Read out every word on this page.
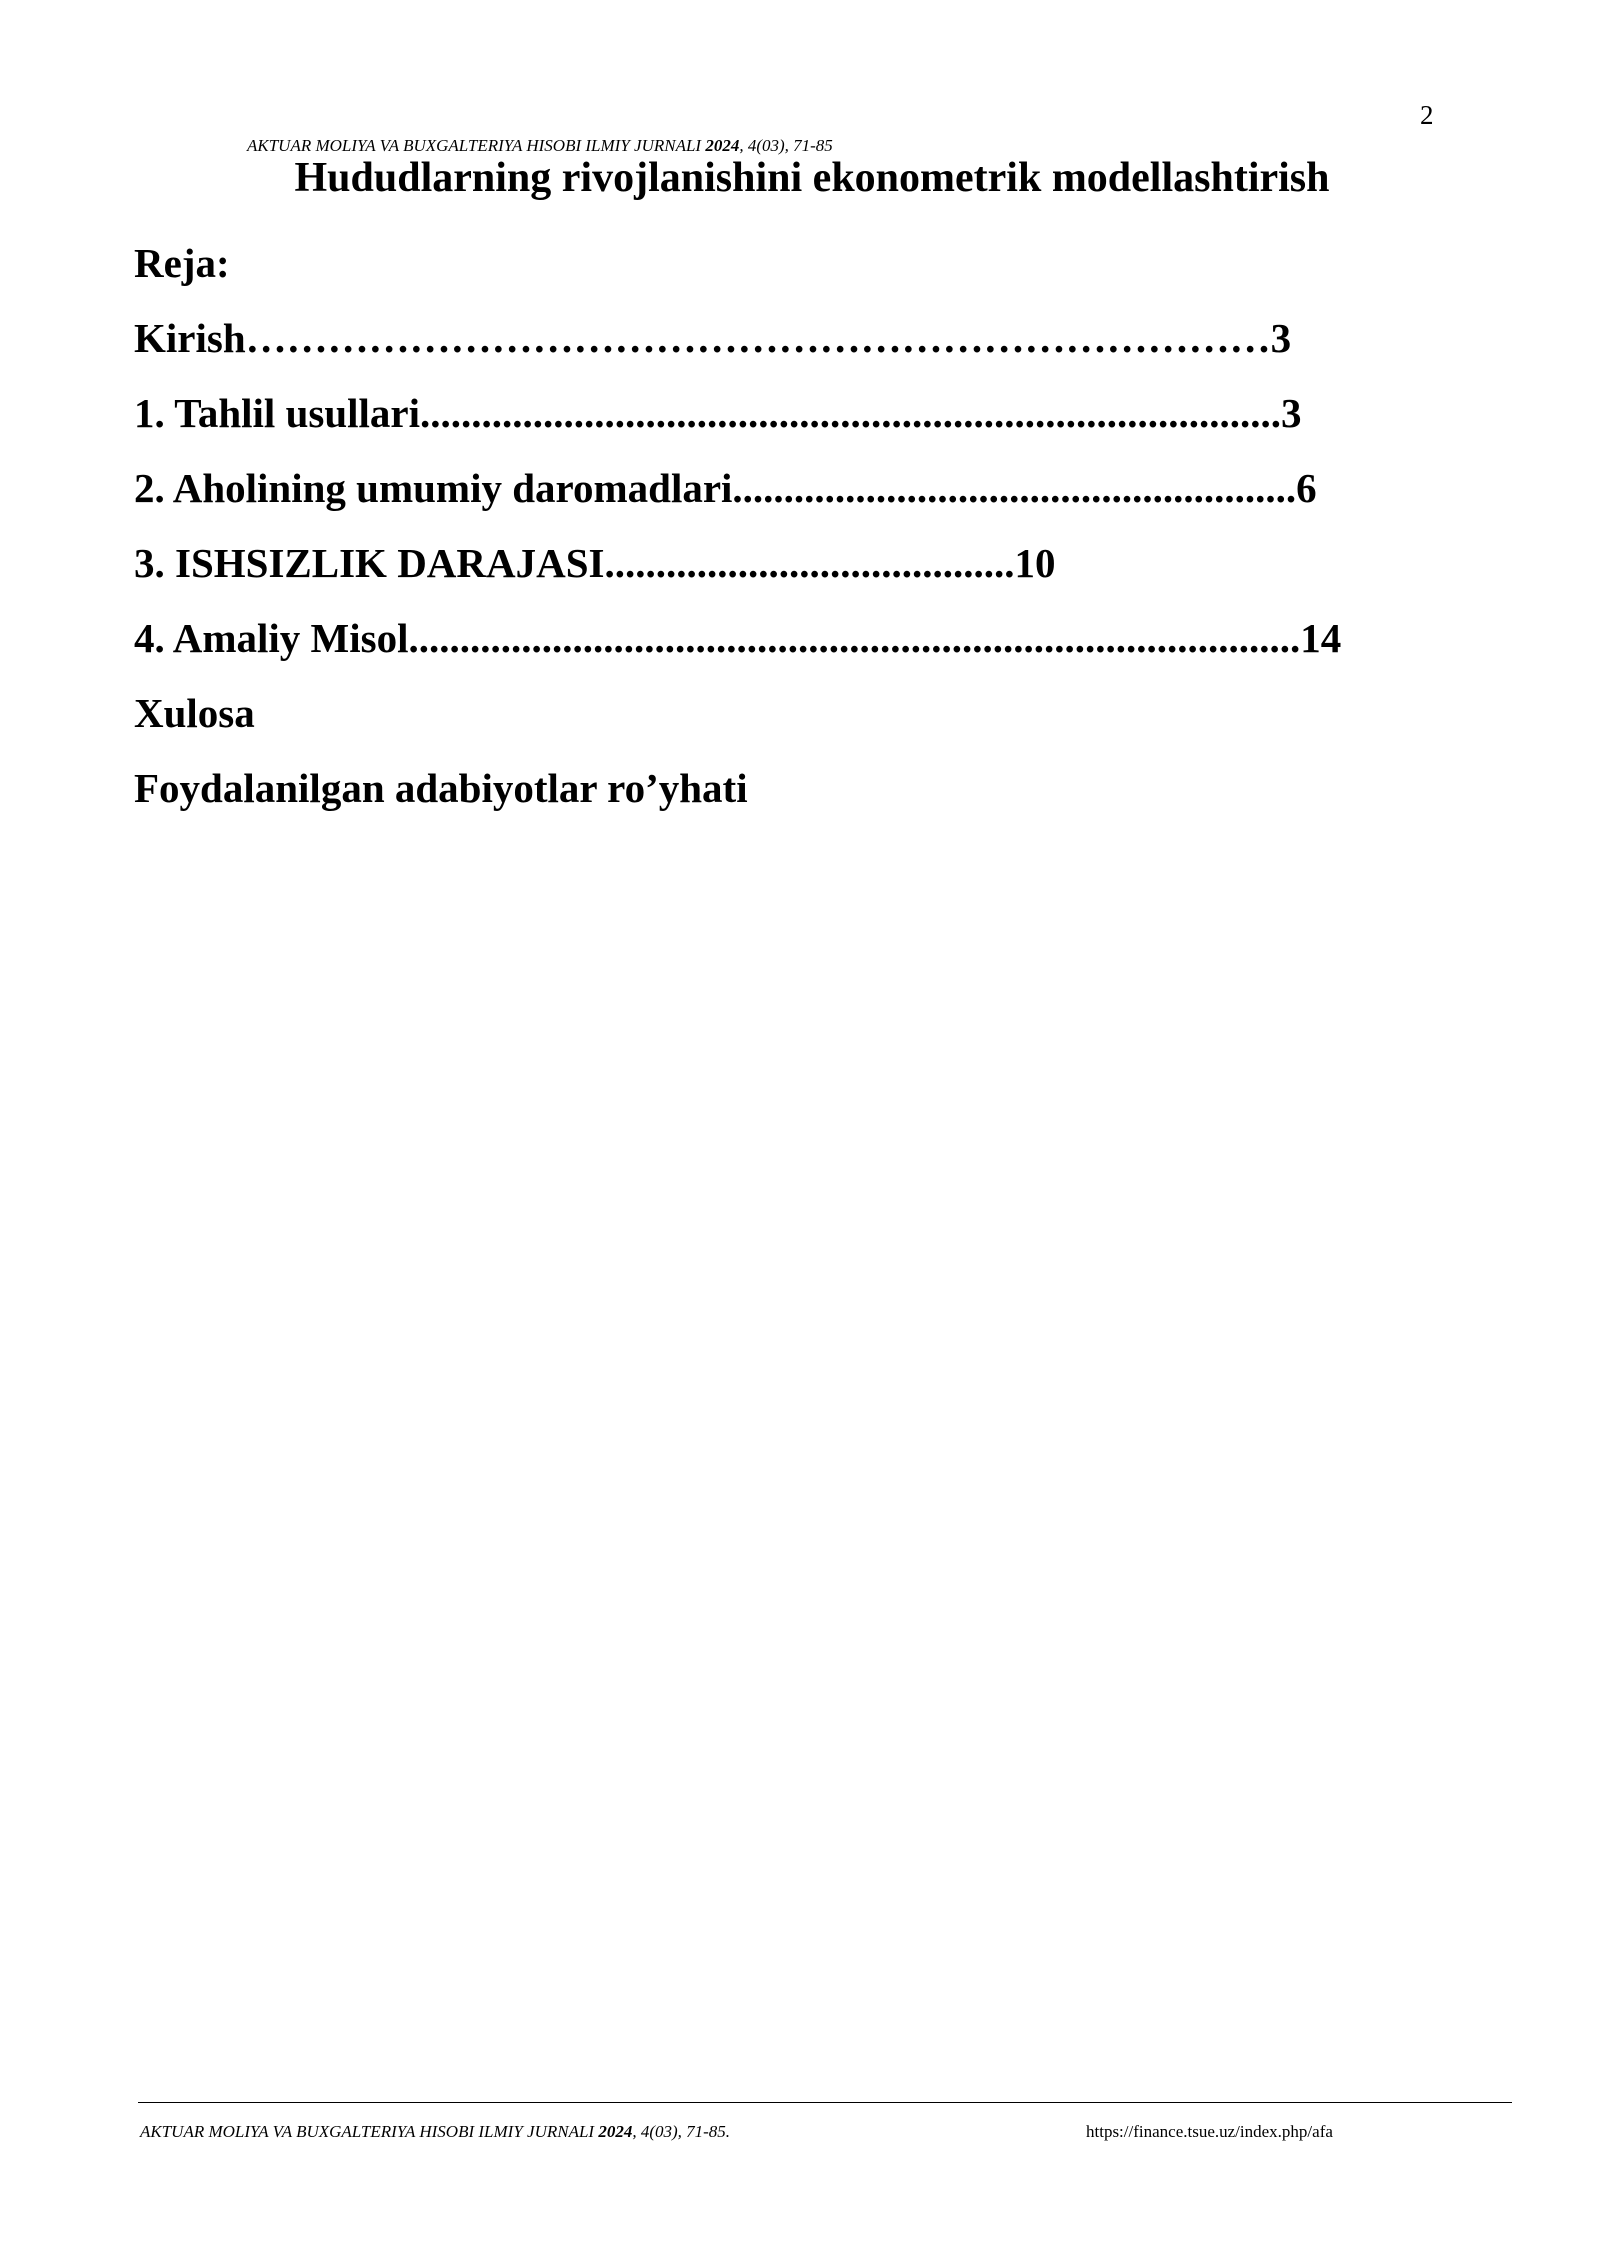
2
AKTUAR MOLIYA VA BUXGALTERIYA HISOBI ILMIY JURNALI 2024, 4(03), 71-85
Hududlarning rivojlanishini ekonometrik modellashtirish
Reja:
Kirish…………………………………………………………………3
1. Tahlil usullari....................................................................................3
2. Aholining umumiy daromadlari.......................................................6
3. ISHSIZLIK DARAJASI........................................10
4. Amaliy Misol.......................................................................................14
Xulosa
Foydalanilgan adabiyotlar ro’yhati
AKTUAR MOLIYA VA BUXGALTERIYA HISOBI ILMIY JURNALI 2024, 4(03), 71-85.	https://finance.tsue.uz/index.php/afa
